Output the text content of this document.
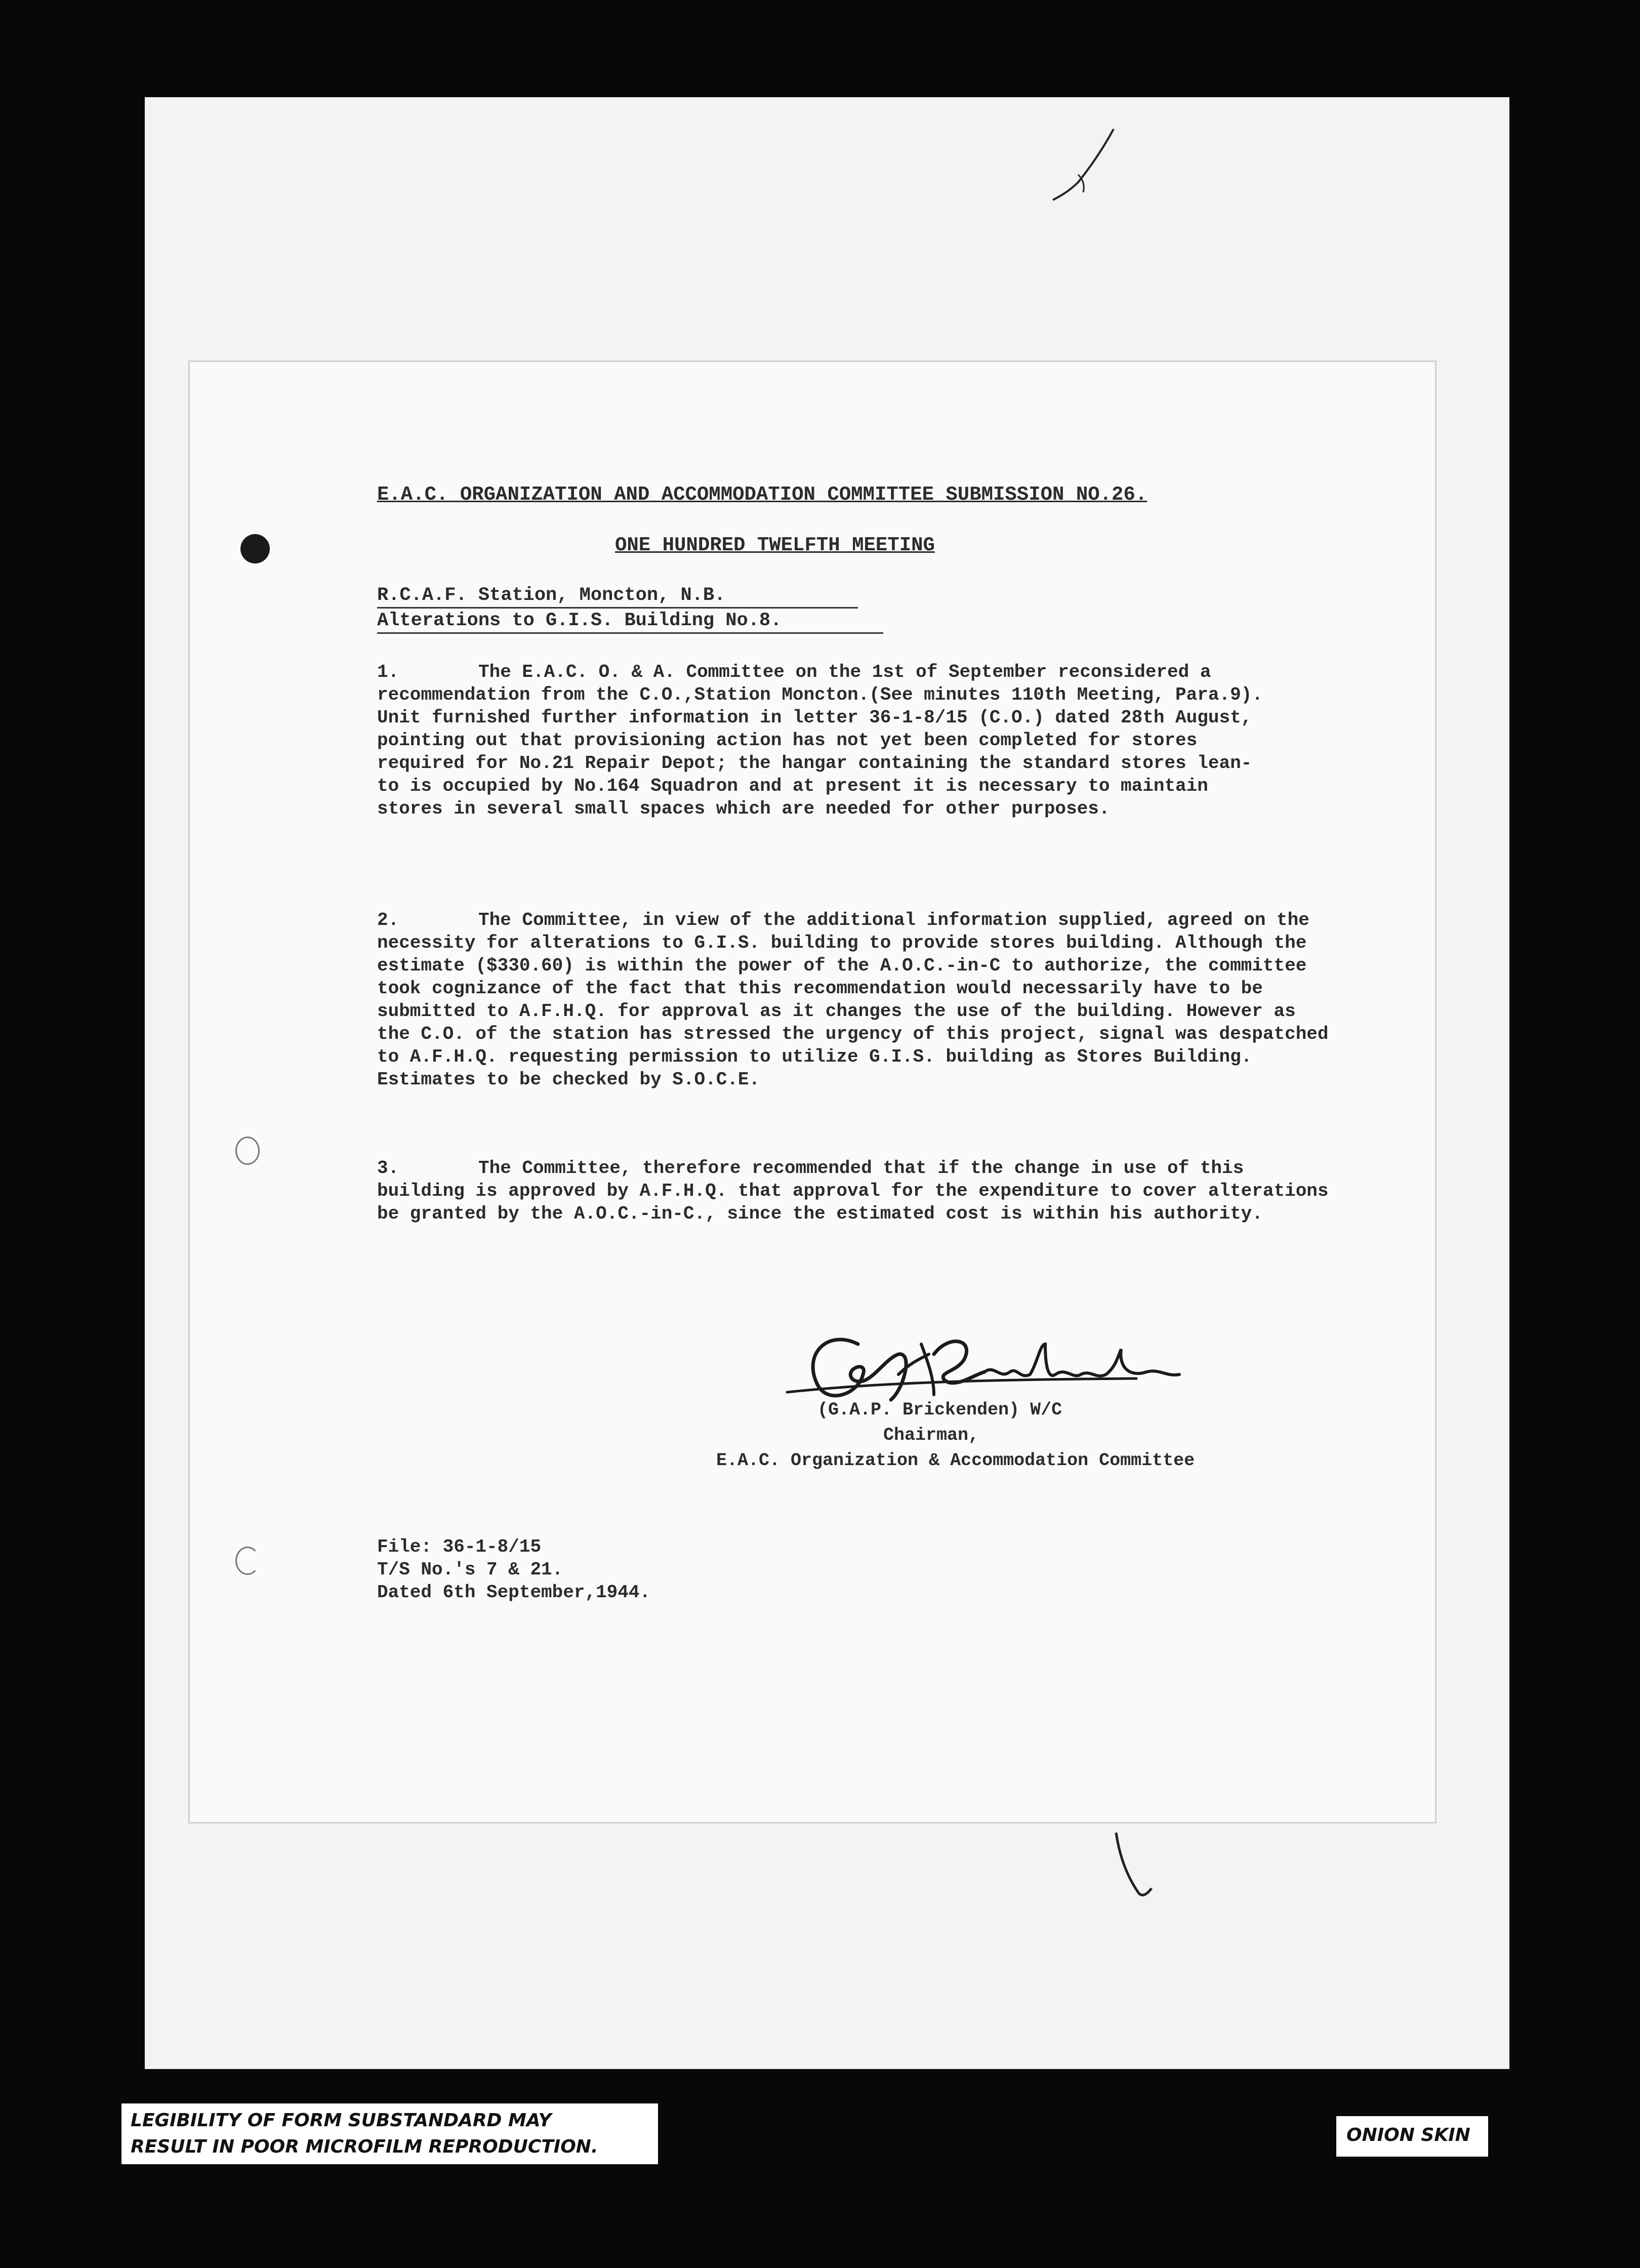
E.A.C. ORGANIZATION AND ACCOMMODATION COMMITTEE SUBMISSION NO.26.
ONE HUNDRED TWELFTH MEETING
R.C.A.F. Station, Moncton, N.B.
Alterations to G.I.S. Building No.8.
1.	The E.A.C. O. & A. Committee on the 1st of September reconsidered a recommendation from the C.O.,Station Moncton.(See minutes 110th Meeting, Para.9). Unit furnished further information in letter 36-1-8/15 (C.O.) dated 28th August, pointing out that provisioning action has not yet been completed for stores required for No.21 Repair Depot; the hangar containing the standard stores lean-to is occupied by No.164 Squadron and at present it is necessary to maintain stores in several small spaces which are needed for other purposes.
2.	The Committee, in view of the additional information supplied, agreed on the necessity for alterations to G.I.S. building to provide stores building. Although the estimate ($330.60) is within the power of the A.O.C.-in-C to authorize, the committee took cognizance of the fact that this recommendation would necessarily have to be submitted to A.F.H.Q. for approval as it changes the use of the building. However as the C.O. of the station has stressed the urgency of this project, signal was despatched to A.F.H.Q. requesting permission to utilize G.I.S. building as Stores Building. Estimates to be checked by S.O.C.E.
3.	The Committee, therefore recommended that if the change in use of this building is approved by A.F.H.Q. that approval for the expenditure to cover alterations be granted by the A.O.C.-in-C., since the estimated cost is within his authority.
(G.A.P. Brickenden) W/C
Chairman,
E.A.C. Organization & Accommodation Committee
File: 36-1-8/15
T/S No.'s 7 & 21.
Dated 6th September,1944.
LEGIBILITY OF FORM SUBSTANDARD MAY
RESULT IN POOR MICROFILM REPRODUCTION.
ONION SKIN
